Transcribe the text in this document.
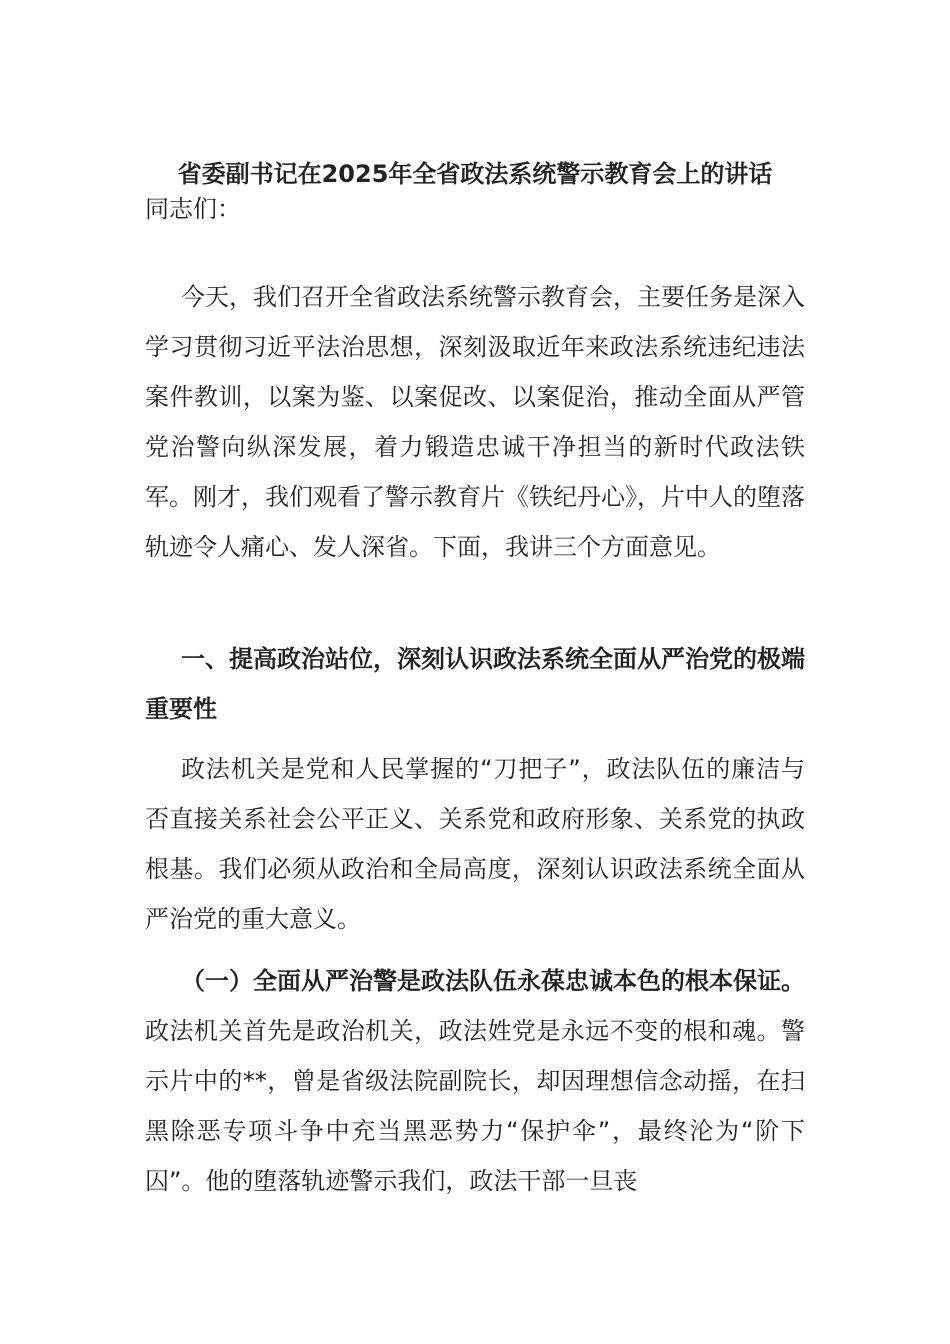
省委副书记在2025年全省政法系统警示教育会上的讲话

同志们：

今天，我们召开全省政法系统警示教育会，主要任务是深入学习贯彻习近平法治思想，深刻汲取近年来政法系统违纪违法案件教训，以案为鉴、以案促改、以案促治，推动全面从严管党治警向纵深发展，着力锻造忠诚干净担当的新时代政法铁军。刚才，我们观看了警示教育片《铁纪丹心》，片中人的堕落轨迹令人痛心、发人深省。下面，我讲三个方面意见。

一、提高政治站位，深刻认识政法系统全面从严治党的极端重要性

政法机关是党和人民掌握的“刀把子”，政法队伍的廉洁与否直接关系社会公平正义、关系党和政府形象、关系党的执政根基。我们必须从政治和全局高度，深刻认识政法系统全面从严治党的重大意义。

（一）全面从严治警是政法队伍永葆忠诚本色的根本保证。政法机关首先是政治机关，政法姓党是永远不变的根和魂。警示片中的**，曾是省级法院副院长，却因理想信念动摇，在扫黑除恶专项斗争中充当黑恶势力“保护伞”，最终沦为“阶下囚”。他的堕落轨迹警示我们，政法干部一旦丧
